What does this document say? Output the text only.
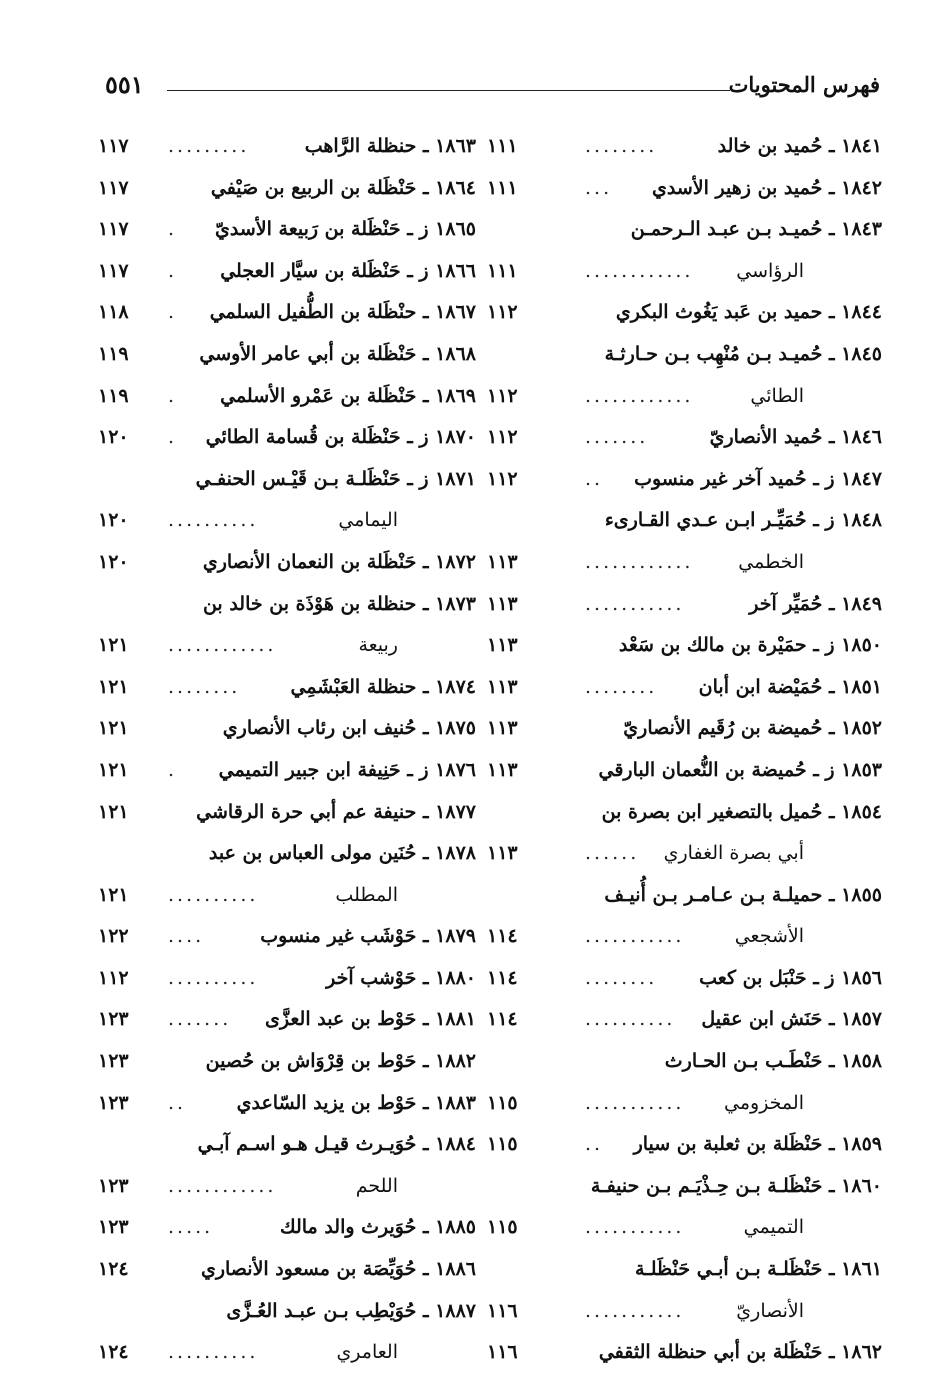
فهرس المحتويات
٥٥١
١٨٤١ ـ حُميد بن خالد
........
١١١
١٨٤٢ ـ حُميد بن زهير الأسدي
...
١١١
١٨٤٣ ـ حُميـد بـن عبـد الـرحمـن
الرؤاسي
............
١١١
١٨٤٤ ـ حميد بن عَبد يَغُوث البكري
١١٢
١٨٤٥ ـ حُميـد بـن مُنْهِب بـن حـارثـة
الطائي
............
١١٢
١٨٤٦ ـ حُميد الأنصاريّ
.......
١١٢
١٨٤٧ ز ـ حُميد آخر غير منسوب
..
١١٢
١٨٤٨ ز ـ حُمَيِّـر ابـن عـدي القـارىء
الخطمي
............
١١٣
١٨٤٩ ـ حُمَيِّر آخر
...........
١١٣
١٨٥٠ ز ـ حمَيْرة بن مالك بن سَعْد
١١٣
١٨٥١ ـ حُمَيْضة ابن أبان
........
١١٣
١٨٥٢ ـ حُميضة بن رُقَيم الأنصاريّ
١١٣
١٨٥٣ ز ـ حُميضة بن النُّعمان البارقي
١١٣
١٨٥٤ ـ حُميل بالتصغير ابن بصرة بن
أبي بصرة الغفاري
......
١١٣
١٨٥٥ ـ حميلـة بـن عـامـر بـن أُنيـف
الأشجعي
...........
١١٤
١٨٥٦ ز ـ حَنْبَل بن كعب
........
١١٤
١٨٥٧ ـ حَنَش ابن عقيل
..........
١١٤
١٨٥٨ ـ حَنْطَـب بـن الحـارث
المخزومي
...........
١١٥
١٨٥٩ ـ حَنْظَلة بن ثعلبة بن سيار
..
١١٥
١٨٦٠ ـ حَنْظَلـة بـن حِـذْيَـم بـن حنيفـة
التميمي
...........
١١٥
١٨٦١ ـ حَنْظَلـة بـن أبـي حَنْظَلـة
الأنصاريّ
...........
١١٦
١٨٦٢ ـ حَنْظَلة بن أبي حنظلة الثقفي
١١٦
١٨٦٣ ـ حنظلة الرَّاهب
.........
١١٧
١٨٦٤ ـ حَنْظَلة بن الربيع بن صَيْفي
١١٧
١٨٦٥ ز ـ حَنْظَلة بن رَبيعة الأسديّ
.
١١٧
١٨٦٦ ز ـ حَنْظَلة بن سيَّار العجلي
.
١١٧
١٨٦٧ ـ حنْظَلة بن الطُّفيل السلمي
.
١١٨
١٨٦٨ ـ حَنْظَلة بن أبي عامر الأوسي
١١٩
١٨٦٩ ـ حَنْظَلة بن عَمْرو الأسلمي
.
١١٩
١٨٧٠ ز ـ حَنْظَلة بن قُسامة الطائي
.
١٢٠
١٨٧١ ز ـ حَنْظَلـة بـن قَيْـس الحنفـي
اليمامي
..........
١٢٠
١٨٧٢ ـ حَنْظَلة بن النعمان الأنصاري
١٢٠
١٨٧٣ ـ حنظلة بن هَوْذَة بن خالد بن
ربيعة
............
١٢١
١٨٧٤ ـ حنظلة العَبْشَمِي
........
١٢١
١٨٧٥ ـ حُنيف ابن رئاب الأنصاري
١٢١
١٨٧٦ ز ـ حَنِيفة ابن جبير التميمي
.
١٢١
١٨٧٧ ـ حنيفة عم أبي حرة الرقاشي
١٢١
١٨٧٨ ـ حُنَين مولى العباس بن عبد
المطلب
..........
١٢١
١٨٧٩ ـ حَوْشَب غير منسوب
....
١٢٢
١٨٨٠ ـ حَوْشب آخر
..........
١١٢
١٨٨١ ـ حَوْط بن عبد العزَّى
.......
١٢٣
١٨٨٢ ـ حَوْط بن قِرْوَاش بن حُصين
١٢٣
١٨٨٣ ـ حَوْط بن يزيد السّاعدي
..
١٢٣
١٨٨٤ ـ حُوَيـرث قيـل هـو اسـم آبـي
اللحم
............
١٢٣
١٨٨٥ ـ حُوَيرث والد مالك
.....
١٢٣
١٨٨٦ ـ حُوَيِّصَة بن مسعود الأنصاري
١٢٤
١٨٨٧ ـ حُوَيْطِب بـن عبـد العُـزَّى
العامري
..........
١٢٤
